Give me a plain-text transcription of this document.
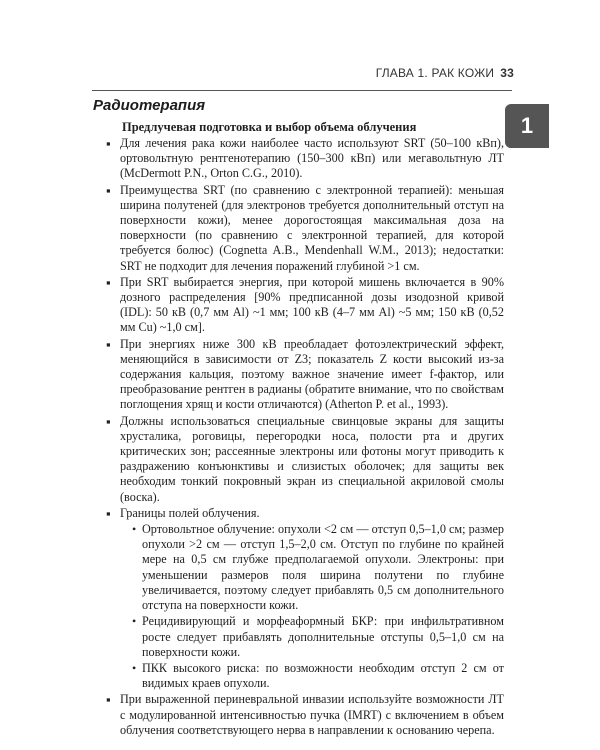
ГЛАВА 1. РАК КОЖИ 33
1
Радиотерапия
Предлучевая подготовка и выбор объема облучения
▪ Для лечения рака кожи наиболее часто используют SRT (50–100 кВп), ортовольтную рентгенотерапию (150–300 кВп) или мегавольтную ЛТ (McDermott P.N., Orton C.G., 2010).
▪ Преимущества SRT (по сравнению с электронной терапией): меньшая ширина полутеней (для электронов требуется дополнительный отступ на поверхности кожи), менее дорогостоящая максимальная доза на поверхности (по сравнению с электронной терапией, для которой требуется болюс) (Cognetta A.B., Mendenhall W.M., 2013); недостатки: SRT не подходит для лечения поражений глубиной >1 см.
▪ При SRT выбирается энергия, при которой мишень включается в 90% дозного распределения [90% предписанной дозы изодозной кривой (IDL): 50 кВ (0,7 мм Al) ~1 мм; 100 кВ (4–7 мм Al) ~5 мм; 150 кВ (0,52 мм Cu) ~1,0 см].
▪ При энергиях ниже 300 кВ преобладает фотоэлектрический эффект, меняющийся в зависимости от Z3; показатель Z кости высокий из-за содержания кальция, поэтому важное значение имеет f-фактор, или преобразование рентген в радианы (обратите внимание, что по свойствам поглощения хрящ и кости отличаются) (Atherton P. et al., 1993).
▪ Должны использоваться специальные свинцовые экраны для защиты хрусталика, роговицы, перегородки носа, полости рта и других критических зон; рассеянные электроны или фотоны могут приводить к раздражению конъюнктивы и слизистых оболочек; для защиты век необходим тонкий покровный экран из специальной акриловой смолы (воска).
▪ Границы полей облучения.
• Ортовольтное облучение: опухоли <2 см — отступ 0,5–1,0 см; размер опухоли >2 см — отступ 1,5–2,0 см. Отступ по глубине по крайней мере на 0,5 см глубже предполагаемой опухоли. Электроны: при уменьшении размеров поля ширина полутени по глубине увеличивается, поэтому следует прибавлять 0,5 см дополнительного отступа на поверхности кожи.
• Рецидивирующий и морфеаформный БКР: при инфильтративном росте следует прибавлять дополнительные отступы 0,5–1,0 см на поверхности кожи.
• ПКК высокого риска: по возможности необходим отступ 2 см от видимых краев опухоли.
▪ При выраженной периневральной инвазии используйте возможности ЛТ с модулированной интенсивностью пучка (IMRT) с включением в объем облучения соответствующего нерва в направлении к основанию черепа.
